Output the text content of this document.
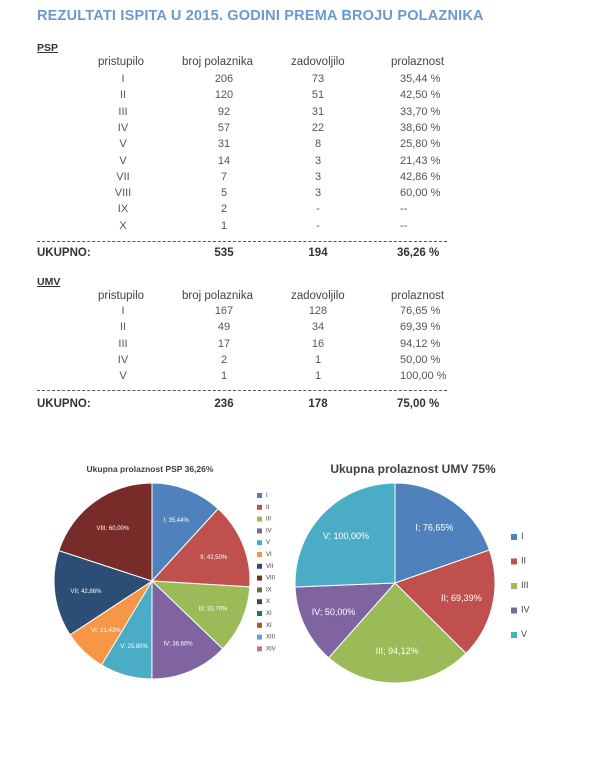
REZULTATI ISPITA U 2015. GODINI PREMA BROJU POLAZNIKA
PSP
pristupilo	broj polaznika	zadovoljilo	prolaznost
I	206	73	35,44 %
II	120	51	42,50 %
III	92	31	33,70 %
IV	57	22	38,60 %
V	31	8	25,80 %
V	14	3	21,43 %
VII	7	3	42,86 %
VIII	5	3	60,00 %
IX	2	-	--
X	1	-	--
UKUPNO:	535	194	36,26 %
UMV
pristupilo	broj polaznika	zadovoljilo	prolaznost
I	167	128	76,65 %
II	49	34	69,39 %
III	17	16	94,12 %
IV	2	1	50,00 %
V	1	1	100,00 %
UKUPNO:	236	178	75,00 %
Ukupna prolaznost PSP 36,26%
I; 35,44%
II; 42,50%
III; 33,70%
IV; 38,60%
V; 25,80%
VI; 21,43%
VII; 42,86%
VIII; 60,00%
I
II
III
IV
V
VI
VII
VIII
IX
X
XI
XI
XIII
XIV
Ukupna prolaznost UMV 75%
I; 76,65%
II; 69,39%
III; 94,12%
IV; 50,00%
V; 100,00%	I
II
III
IV
V
